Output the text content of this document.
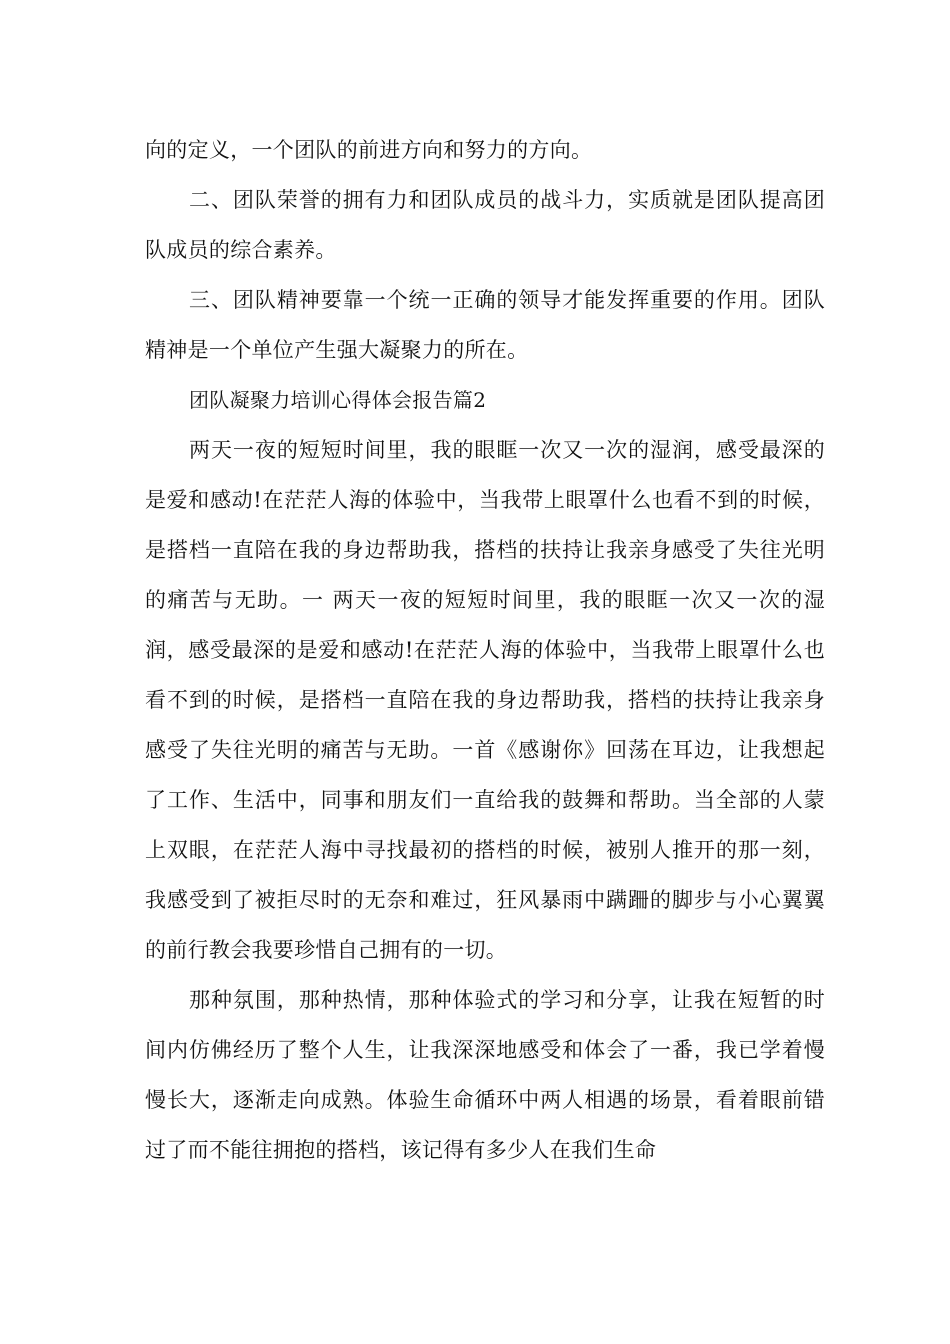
向的定义，一个团队的前进方向和努力的方向。

二、团队荣誉的拥有力和团队成员的战斗力，实质就是团队提高团队成员的综合素养。

三、团队精神要靠一个统一正确的领导才能发挥重要的作用。团队精神是一个单位产生强大凝聚力的所在。

团队凝聚力培训心得体会报告篇2

两天一夜的短短时间里，我的眼眶一次又一次的湿润，感受最深的是爱和感动!在茫茫人海的体验中，当我带上眼罩什么也看不到的时候，是搭档一直陪在我的身边帮助我，搭档的扶持让我亲身感受了失往光明的痛苦与无助。一 两天一夜的短短时间里，我的眼眶一次又一次的湿润，感受最深的是爱和感动!在茫茫人海的体验中，当我带上眼罩什么也看不到的时候，是搭档一直陪在我的身边帮助我，搭档的扶持让我亲身感受了失往光明的痛苦与无助。一首《感谢你》回荡在耳边，让我想起了工作、生活中，同事和朋友们一直给我的鼓舞和帮助。当全部的人蒙上双眼，在茫茫人海中寻找最初的搭档的时候，被别人推开的那一刻，我感受到了被拒尽时的无奈和难过，狂风暴雨中蹒跚的脚步与小心翼翼的前行教会我要珍惜自己拥有的一切。

那种氛围，那种热情，那种体验式的学习和分享，让我在短暂的时间内仿佛经历了整个人生，让我深深地感受和体会了一番，我已学着慢慢长大，逐渐走向成熟。体验生命循环中两人相遇的场景，看着眼前错过了而不能往拥抱的搭档，该记得有多少人在我们生命
